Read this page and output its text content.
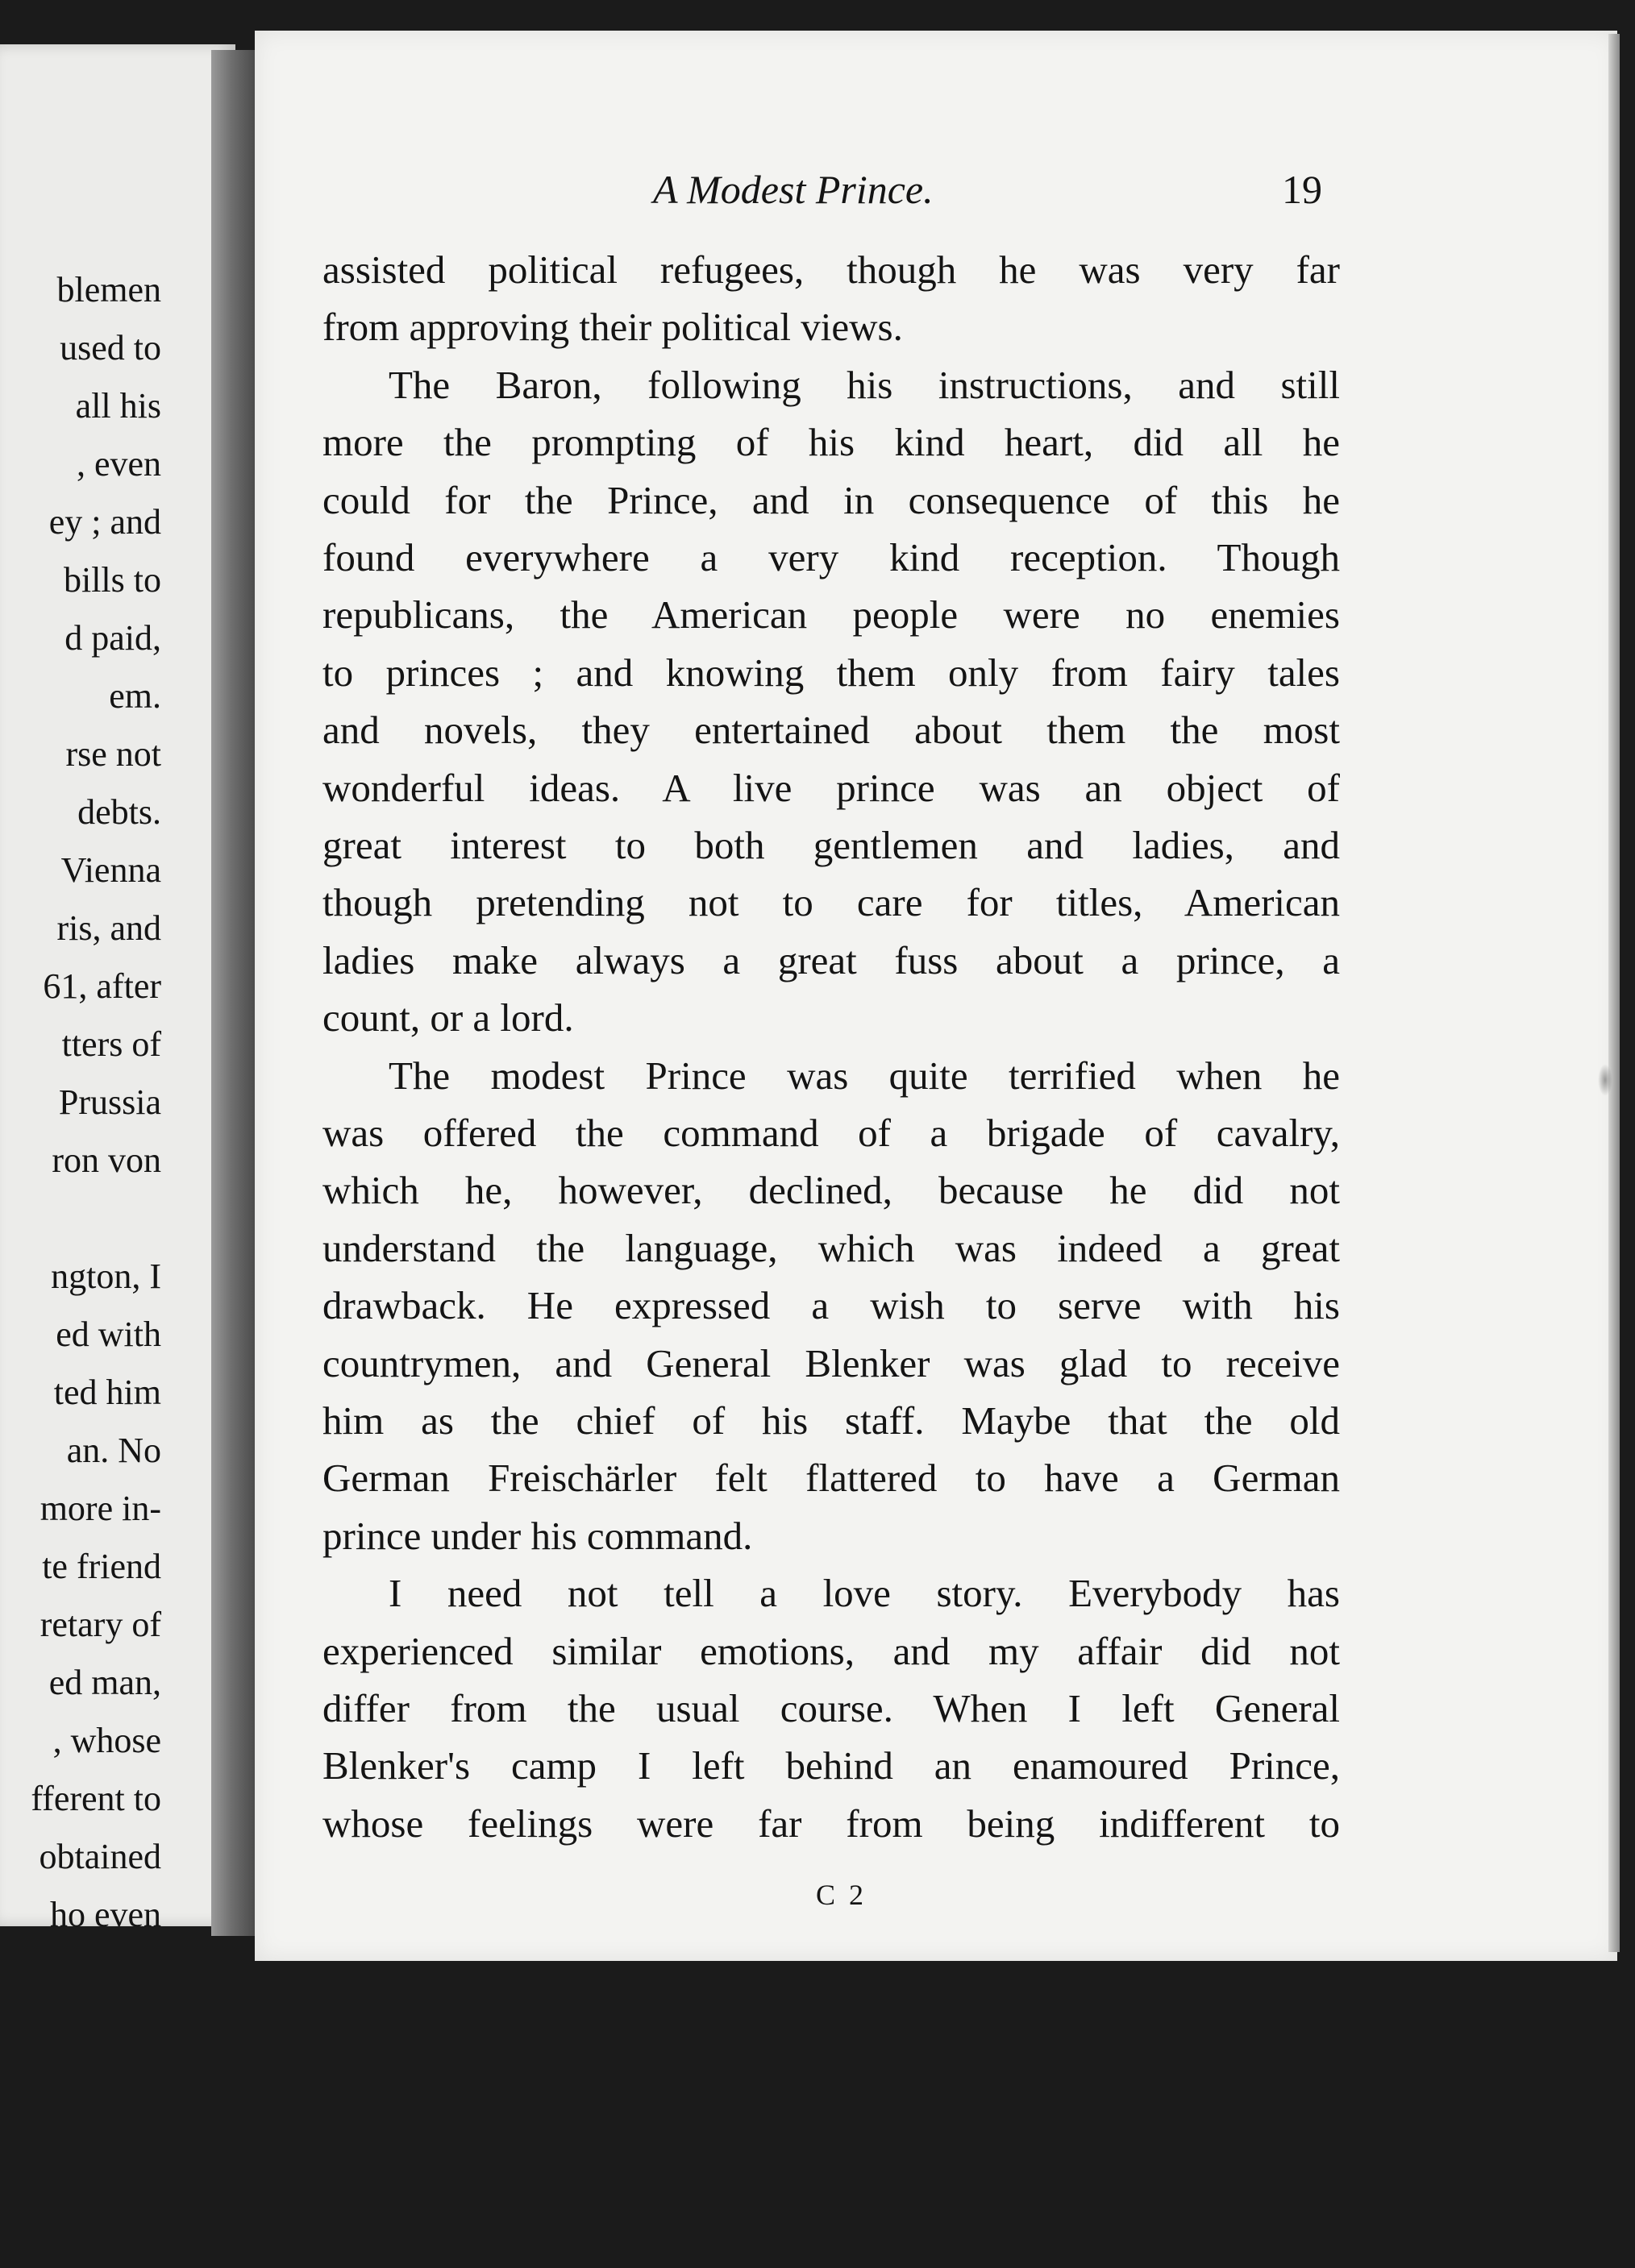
blemen
used to
all his
, even
ey ; and
bills to
d paid,
em.
rse not
debts.
Vienna
ris, and
61, after
tters of
Prussia
ron von
ngton, I
ed with
ted him
an. No
more in-
te friend
retary of
ed man,
, whose
fferent to
obtained
ho even
A Modest Prince.	19
assisted political refugees, though he was very far
from approving their political views.
The Baron, following his instructions, and still
more the prompting of his kind heart, did all he
could for the Prince, and in consequence of this he
found everywhere a very kind reception. Though
republicans, the American people were no enemies
to princes ; and knowing them only from fairy tales
and novels, they entertained about them the most
wonderful ideas. A live prince was an object of
great interest to both gentlemen and ladies, and
though pretending not to care for titles, American
ladies make always a great fuss about a prince, a
count, or a lord.
The modest Prince was quite terrified when he
was offered the command of a brigade of cavalry,
which he, however, declined, because he did not
understand the language, which was indeed a great
drawback. He expressed a wish to serve with his
countrymen, and General Blenker was glad to receive
him as the chief of his staff. Maybe that the old
German Freischärler felt flattered to have a German
prince under his command.
I need not tell a love story. Everybody has
experienced similar emotions, and my affair did not
differ from the usual course. When I left General
Blenker's camp I left behind an enamoured Prince,
whose feelings were far from being indifferent to
C 2
